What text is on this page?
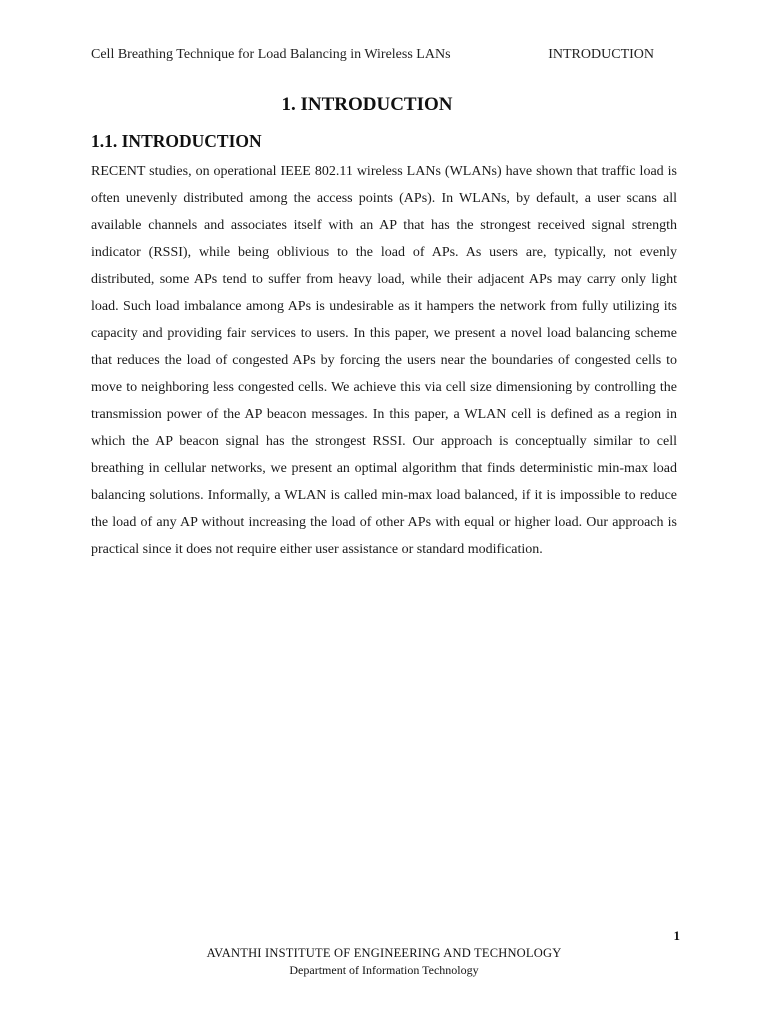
Cell Breathing Technique for Load Balancing in Wireless LANs	INTRODUCTION
1. INTRODUCTION
1.1. INTRODUCTION

RECENT studies, on operational IEEE 802.11 wireless LANs (WLANs) have shown that traffic load is often unevenly distributed among the access points (APs). In WLANs, by default, a user scans all available channels and associates itself with an AP that has the strongest received signal strength indicator (RSSI), while being oblivious to the load of APs. As users are, typically, not evenly distributed, some APs tend to suffer from heavy load, while their adjacent APs may carry only light load. Such load imbalance among APs is undesirable as it hampers the network from fully utilizing its capacity and providing fair services to users. In this paper, we present a novel load balancing scheme that reduces the load of congested APs by forcing the users near the boundaries of congested cells to move to neighboring less congested cells. We achieve this via cell size dimensioning by controlling the transmission power of the AP beacon messages. In this paper, a WLAN cell is defined as a region in which the AP beacon signal has the strongest RSSI. Our approach is conceptually similar to cell breathing in cellular networks, we present an optimal algorithm that finds deterministic min-max load balancing solutions. Informally, a WLAN is called min-max load balanced, if it is impossible to reduce the load of any AP without increasing the load of other APs with equal or higher load. Our approach is practical since it does not require either user assistance or standard modification.

1
AVANTHI INSTITUTE OF ENGINEERING AND TECHNOLOGY
Department of Information Technology
